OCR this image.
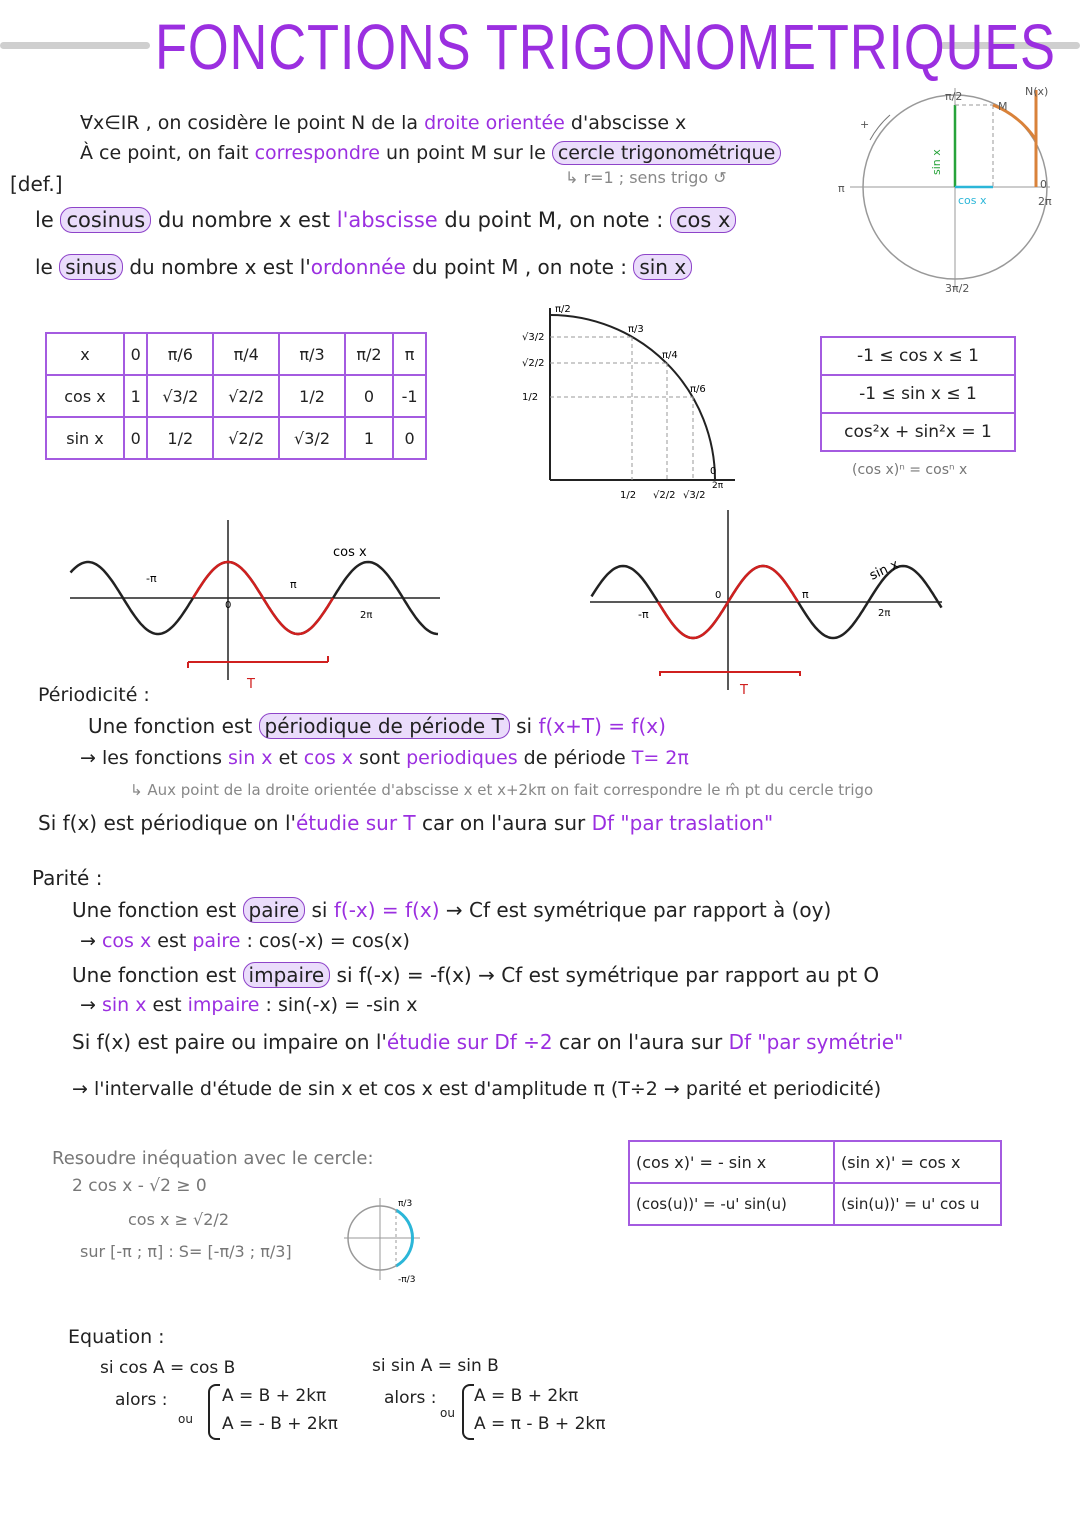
FONCTIONS TRIGONOMETRIQUES
∀x∈IR , on cosidère le point N de la droite orientée d'abscisse x
À ce point, on fait correspondre un point M sur le cercle trigonométrique
↳ r=1 ; sens trigo ↺
[def.]
le cosinus du nombre x est l'abscisse du point M, on note : cos x
le sinus du nombre x est l'ordonnée du point M , on note : sin x
π/2
M
N(x)
π	0
2π
3π/2
sin x
cos x
+
x	0	π/6	π/4	π/3	π/2	π
cos x	1	√3/2	√2/2	1/2	0	-1
sin x	0	1/2	√2/2	√3/2	1	0
√3/2
√2/2
1/2
1/2 √2/2 √3/2
π/2
π/3
π/4
π/6
0
2π
-1 ≤ cos x ≤ 1
-1 ≤ sin x ≤ 1
cos²x + sin²x = 1
(cos x)ⁿ = cosⁿ x
-π	π
0
2π
cos x
T
-π
π
0
2π
sin x
T
Périodicité :
Une fonction est périodique de période T si f(x+T) = f(x)
→ les fonctions sin x et cos x sont periodiques de période T= 2π
↳ Aux point de la droite orientée d'abscisse x et x+2kπ on fait correspondre le m̂ pt du cercle trigo
Si f(x) est périodique on l'étudie sur T car on l'aura sur Df "par traslation"
Parité :
Une fonction est paire si f(-x) = f(x) → Cf est symétrique par rapport à (oy)
→ cos x est paire : cos(-x) = cos(x)
Une fonction est impaire si f(-x) = -f(x) → Cf est symétrique par rapport au pt O
→ sin x est impaire : sin(-x) = -sin x
Si f(x) est paire ou impaire on l'étudie sur Df ÷2 car on l'aura sur Df "par symétrie"
→ l'intervalle d'étude de sin x et cos x est d'amplitude π (T÷2 → parité et periodicité)
(cos x)' = - sin x	(sin x)' = cos x
(cos(u))' = -u' sin(u)	(sin(u))' = u' cos u
Resoudre inéquation avec le cercle:
2 cos x - √2 ≥ 0
cos x ≥ √2/2
sur [-π ; π] : S= [-π/3 ; π/3]
π/3
-π/3
Equation :
si cos A = cos B
alors :
ou
A = B + 2kπ
A = - B + 2kπ
si sin A = sin B
alors :
ou
A = B + 2kπ
A = π - B + 2kπ
